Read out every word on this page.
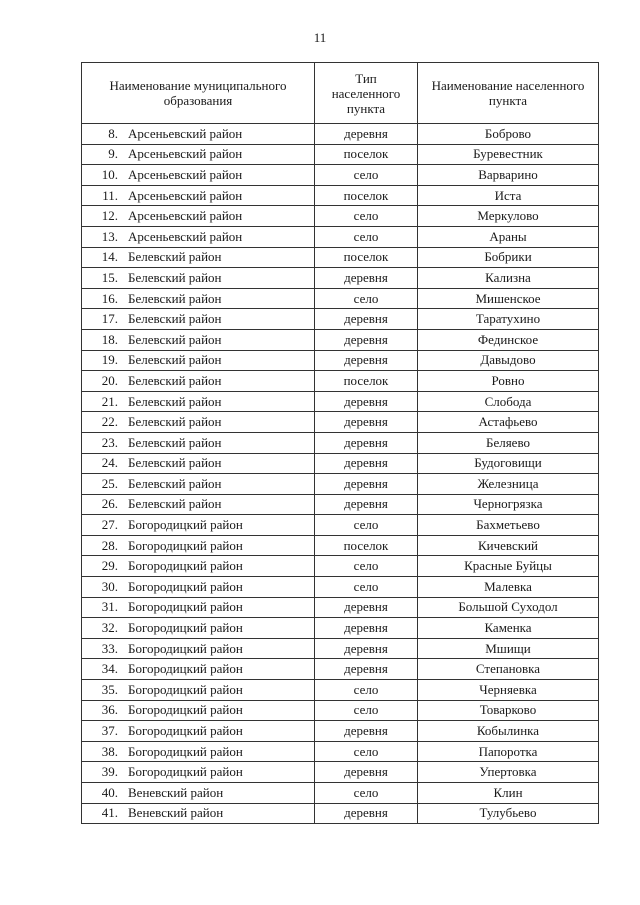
11
Наименование муниципального образования	Тип населенного пункта	Наименование населенного пункта
8. Арсеньевский район	деревня	Боброво
9. Арсеньевский район	поселок	Буревестник
10. Арсеньевский район	село	Варварино
11. Арсеньевский район	поселок	Иста
12. Арсеньевский район	село	Меркулово
13. Арсеньевский район	село	Араны
14. Белевский район	поселок	Бобрики
15. Белевский район	деревня	Кализна
16. Белевский район	село	Мишенское
17. Белевский район	деревня	Таратухино
18. Белевский район	деревня	Фединское
19. Белевский район	деревня	Давыдово
20. Белевский район	поселок	Ровно
21. Белевский район	деревня	Слобода
22. Белевский район	деревня	Астафьево
23. Белевский район	деревня	Беляево
24. Белевский район	деревня	Будоговищи
25. Белевский район	деревня	Железница
26. Белевский район	деревня	Черногрязка
27. Богородицкий район	село	Бахметьево
28. Богородицкий район	поселок	Кичевский
29. Богородицкий район	село	Красные Буйцы
30. Богородицкий район	село	Малевка
31. Богородицкий район	деревня	Большой Суходол
32. Богородицкий район	деревня	Каменка
33. Богородицкий район	деревня	Мшищи
34. Богородицкий район	деревня	Степановка
35. Богородицкий район	село	Черняевка
36. Богородицкий район	село	Товарково
37. Богородицкий район	деревня	Кобылинка
38. Богородицкий район	село	Папоротка
39. Богородицкий район	деревня	Упертовка
40. Веневский район	село	Клин
41. Веневский район	деревня	Тулубьево
